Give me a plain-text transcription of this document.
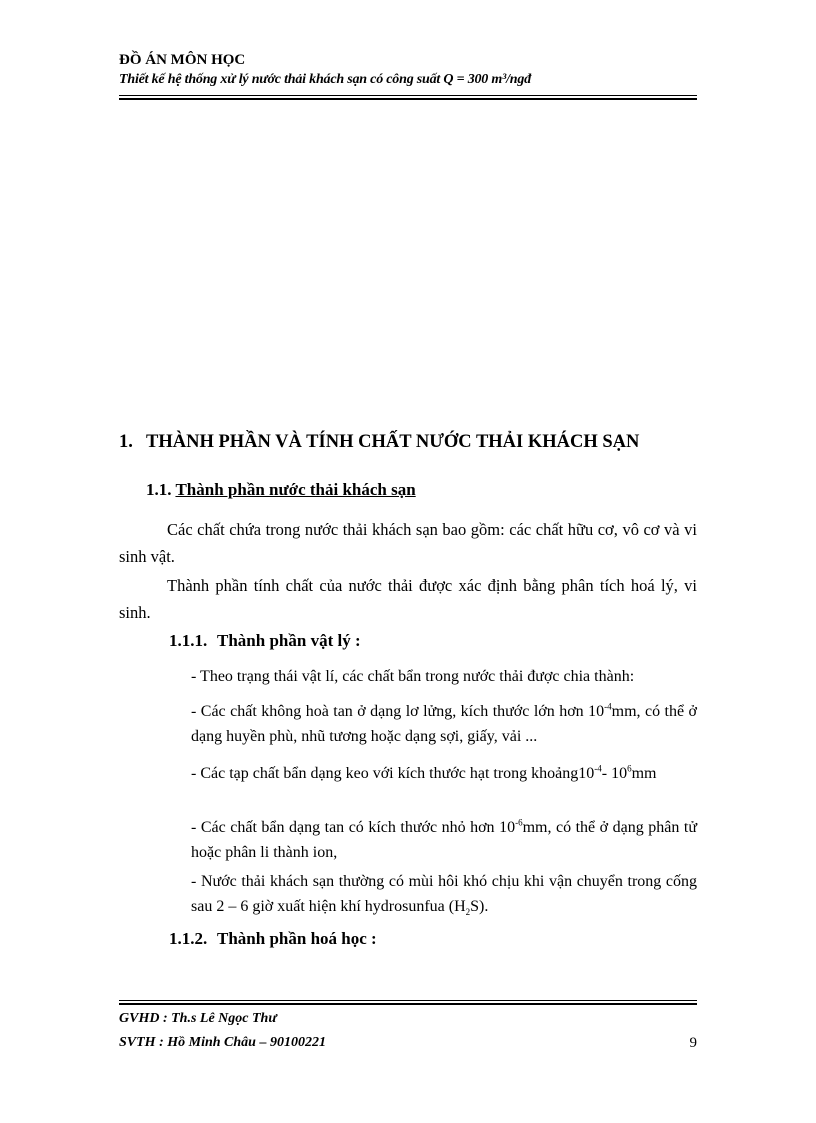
ĐỒ ÁN MÔN HỌC
Thiết kế hệ thống xử lý nước thải khách sạn có công suất Q = 300 m³/ngđ
1. THÀNH PHẦN VÀ TÍNH CHẤT NƯỚC THẢI KHÁCH SẠN
1.1. Thành phần nước thải khách sạn
Các chất chứa trong nước thải khách sạn bao gồm: các chất hữu cơ, vô cơ và vi sinh vật.
Thành phần tính chất của nước thải được xác định bằng phân tích hoá lý, vi sinh.
1.1.1. Thành phần vật lý :
- Theo trạng thái vật lí, các chất bẩn trong nước thải được chia thành:
- Các chất không hoà tan ở dạng lơ lửng, kích thước lớn hơn $10^{-4}mm$, có thể ở dạng huyền phù, nhũ tương hoặc dạng sợi, giấy, vải ...
- Các tạp chất bẩn dạng keo với kích thước hạt trong $khoảng10^{-4}-$ $10^6mm$
- Các chất bẩn dạng tan có kích thước nhỏ hơn $10^{-6}mm$, có thể ở dạng phân tử hoặc phân li thành ion,
- Nước thải khách sạn thường có mùi hôi khó chịu khi vận chuyển trong cống sau 2 – 6 giờ xuất hiện khí hydrosunfua $(H_2S)$.
1.1.2. Thành phần hoá học :
GVHD : Th.s Lê Ngọc Thư
SVTH : Hồ Minh Châu – 90100221	9
